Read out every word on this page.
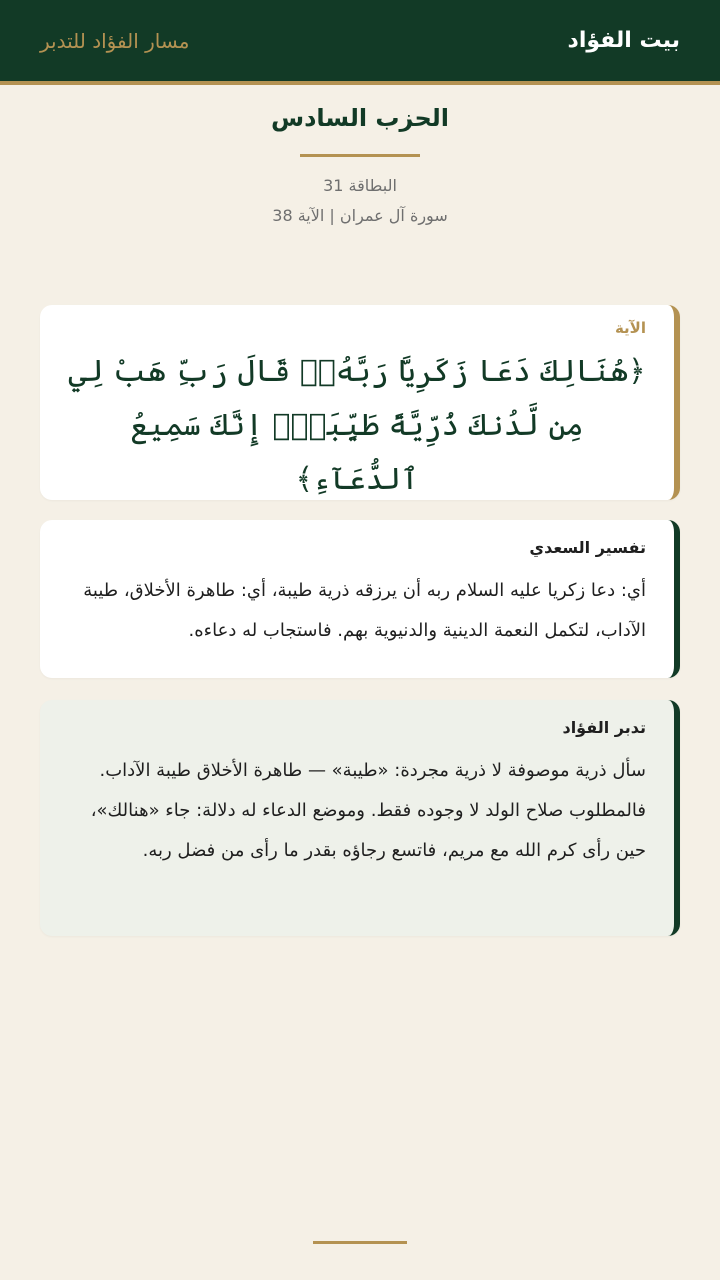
بيت الفؤاد
مسار الفؤاد للتدبر
الحزب السادس
البطاقة 31
سورة آل عمران | الآية 38
الآية
﴿هُنَالِكَ دَعَا زَكَرِيَّا رَبَّهُۥۖ قَالَ رَبِّ هَبْ لِي مِن لَّدُنكَ ذُرِّيَّةً طَيِّبَةًۖ إِنَّكَ سَمِيعُ ٱلدُّعَآءِ﴾
تفسير السعدي
أي: دعا زكريا عليه السلام ربه أن يرزقه ذرية طيبة، أي: طاهرة الأخلاق، طيبة الآداب، لتكمل النعمة الدينية والدنيوية بهم. فاستجاب له دعاءه.
تدبر الفؤاد
سأل ذرية موصوفة لا ذرية مجردة: «طيبة» — طاهرة الأخلاق طيبة الآداب. فالمطلوب صلاح الولد لا وجوده فقط. وموضع الدعاء له دلالة: جاء «هنالك»، حين رأى كرم الله مع مريم، فاتسع رجاؤه بقدر ما رأى من فضل ربه.
